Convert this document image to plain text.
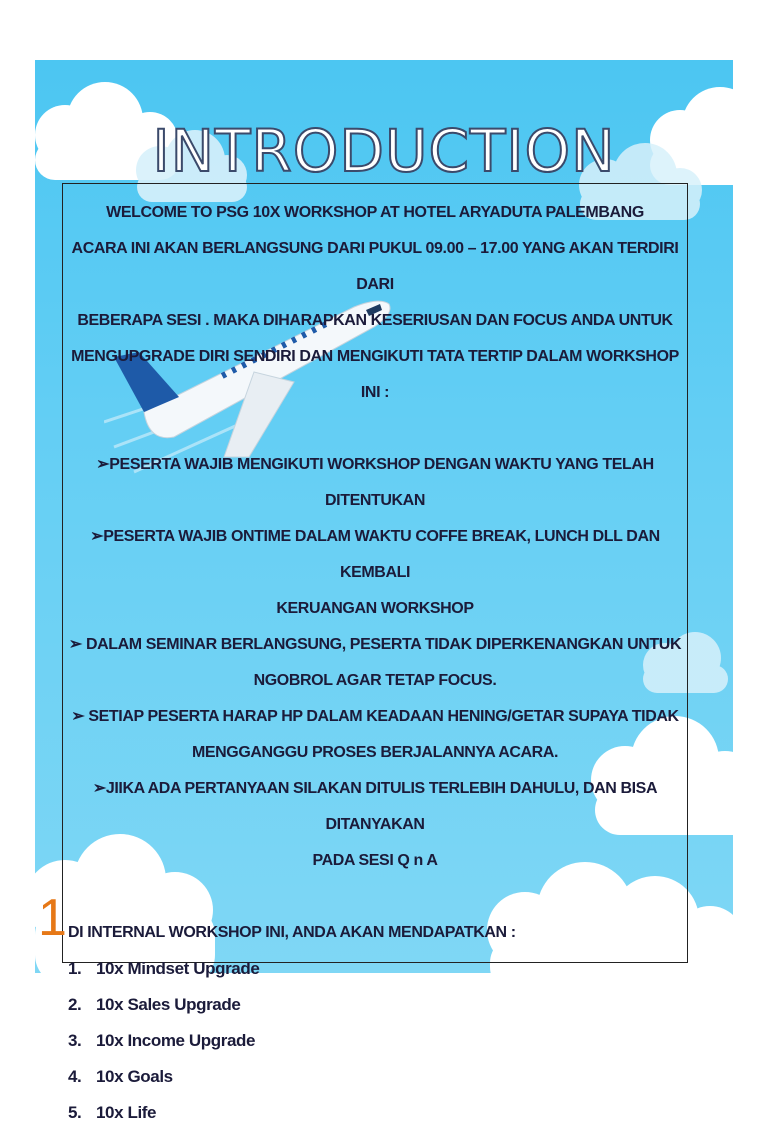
INTRODUCTION
WELCOME TO PSG 10X WORKSHOP AT HOTEL ARYADUTA PALEMBANG
ACARA INI AKAN BERLANGSUNG DARI PUKUL 09.00 – 17.00 YANG AKAN TERDIRI DARI
BEBERAPA SESI . MAKA DIHARAPKAN KESERIUSAN DAN FOCUS ANDA UNTUK
MENGUPGRADE DIRI SENDIRI DAN MENGIKUTI TATA TERTIP DALAM WORKSHOP INI :
➢PESERTA WAJIB MENGIKUTI WORKSHOP DENGAN WAKTU YANG TELAH DITENTUKAN
➢PESERTA WAJIB ONTIME DALAM WAKTU COFFE BREAK, LUNCH DLL DAN KEMBALI
KERUANGAN WORKSHOP
➢ DALAM SEMINAR BERLANGSUNG, PESERTA TIDAK DIPERKENANGKAN UNTUK
NGOBROL AGAR TETAP FOCUS.
➢ SETIAP PESERTA HARAP HP DALAM KEADAAN HENING/GETAR SUPAYA TIDAK
MENGGANGGU PROSES BERJALANNYA ACARA.
➢JIIKA ADA PERTANYAAN SILAKAN DITULIS TERLEBIH DAHULU, DAN BISA DITANYAKAN
PADA SESI Q n A
DI INTERNAL WORKSHOP INI, ANDA AKAN MENDAPATKAN :
1. 10x Mindset Upgrade
2. 10x Sales Upgrade
3. 10x Income Upgrade
4. 10x Goals
5. 10x Life
1
